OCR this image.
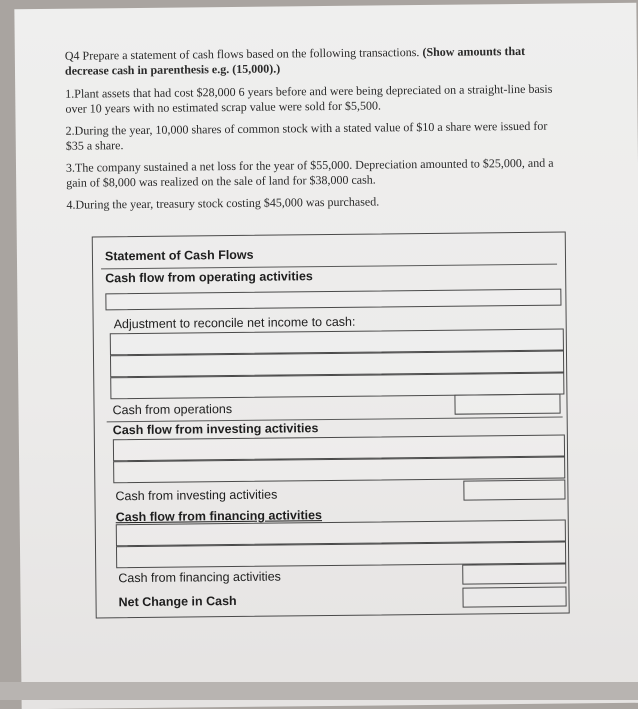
Q4 Prepare a statement of cash flows based on the following transactions. (Show amounts that decrease cash in parenthesis e.g. (15,000).)

1.Plant assets that had cost $28,000 6 years before and were being depreciated on a straight-line basis over 10 years with no estimated scrap value were sold for $5,500.

2.During the year, 10,000 shares of common stock with a stated value of $10 a share were issued for $35 a share.

3.The company sustained a net loss for the year of $55,000. Depreciation amounted to $25,000, and a gain of $8,000 was realized on the sale of land for $38,000 cash.

4.During the year, treasury stock costing $45,000 was purchased.

Statement of Cash Flows
Cash flow from operating activities
Adjustment to reconcile net income to cash:
Cash from operations
Cash flow from investing activities
Cash from investing activities
Cash flow from financing activities
Cash from financing activities
Net Change in Cash
